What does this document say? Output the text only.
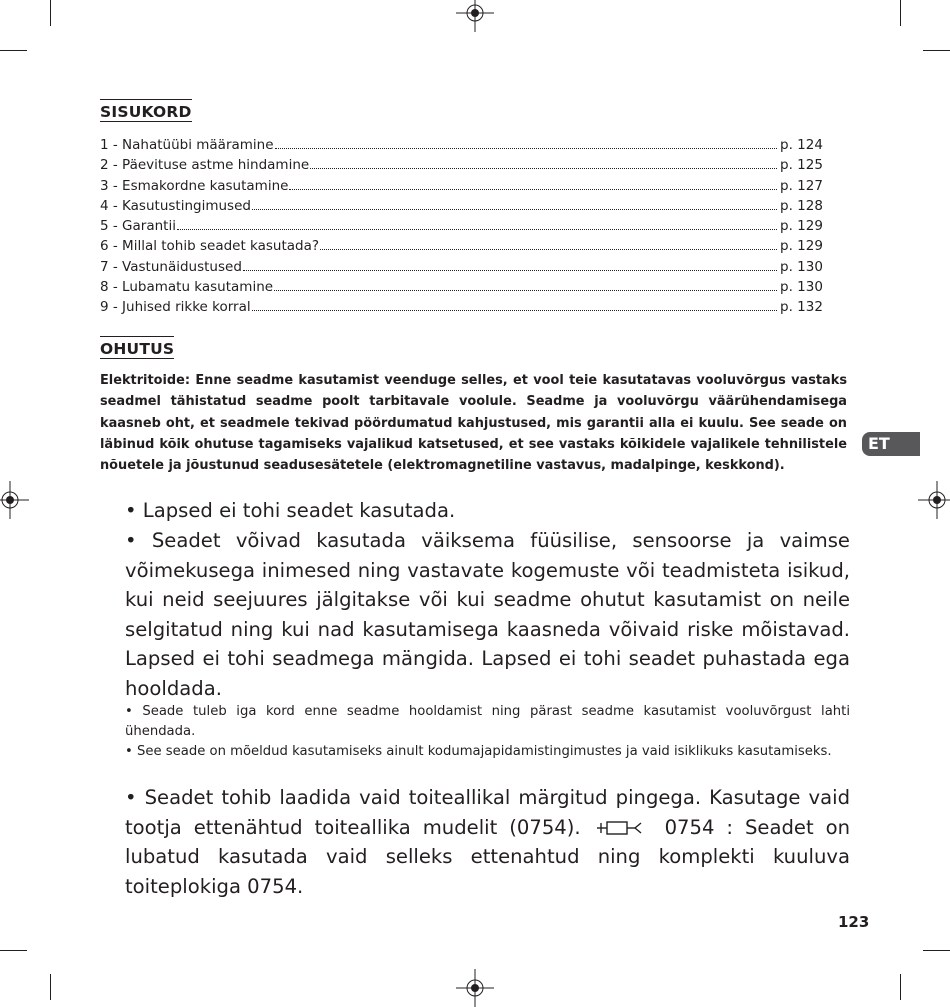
SISUKORD
1 - Nahatüübi määramine	p. 124
2 - Päevituse astme hindamine	p. 125
3 - Esmakordne kasutamine	p. 127
4 - Kasutustingimused	p. 128
5 - Garantii	p. 129
6 - Millal tohib seadet kasutada?	p. 129
7 - Vastunäidustused	p. 130
8 - Lubamatu kasutamine	p. 130
9 - Juhised rikke korral	p. 132
OHUTUS
Elektritoide: Enne seadme kasutamist veenduge selles, et vool teie kasutatavas vooluvõrgus vastaks seadmel tähistatud seadme poolt tarbitavale voolule. Seadme ja vooluvõrgu väärühendamisega kaasneb oht, et seadmele tekivad pöördumatud kahjustused, mis garantii alla ei kuulu. See seade on läbinud kõik ohutuse tagamiseks vajalikud katsetused, et see vastaks kõikidele vajalikele tehnilistele nõuetele ja jõustunud seadusesätetele (elektromagnetiline vastavus, madalpinge, keskkond).
ET
• Lapsed ei tohi seadet kasutada.
• Seadet võivad kasutada väiksema füüsilise, sensoorse ja vaimse võimekusega inimesed ning vastavate kogemuste või teadmisteta isikud, kui neid seejuures jälgitakse või kui seadme ohutut kasutamist on neile selgitatud ning kui nad kasutamisega kaasneda võivaid riske mõistavad. Lapsed ei tohi seadmega mängida. Lapsed ei tohi seadet puhastada ega hooldada.
• Seade tuleb iga kord enne seadme hooldamist ning pärast seadme kasutamist vooluvõrgust lahti ühendada.
• See seade on mõeldud kasutamiseks ainult kodumajapidamistingimustes ja vaid isiklikuks kasutamiseks.
• Seadet tohib laadida vaid toiteallikal märgitud pingega. Kasutage vaid tootja ettenähtud toiteallika mudelit (0754).	0754 : Seadet on lubatud kasutada vaid selleks ettenahtud ning komplekti kuuluva toiteplokiga 0754.
123
